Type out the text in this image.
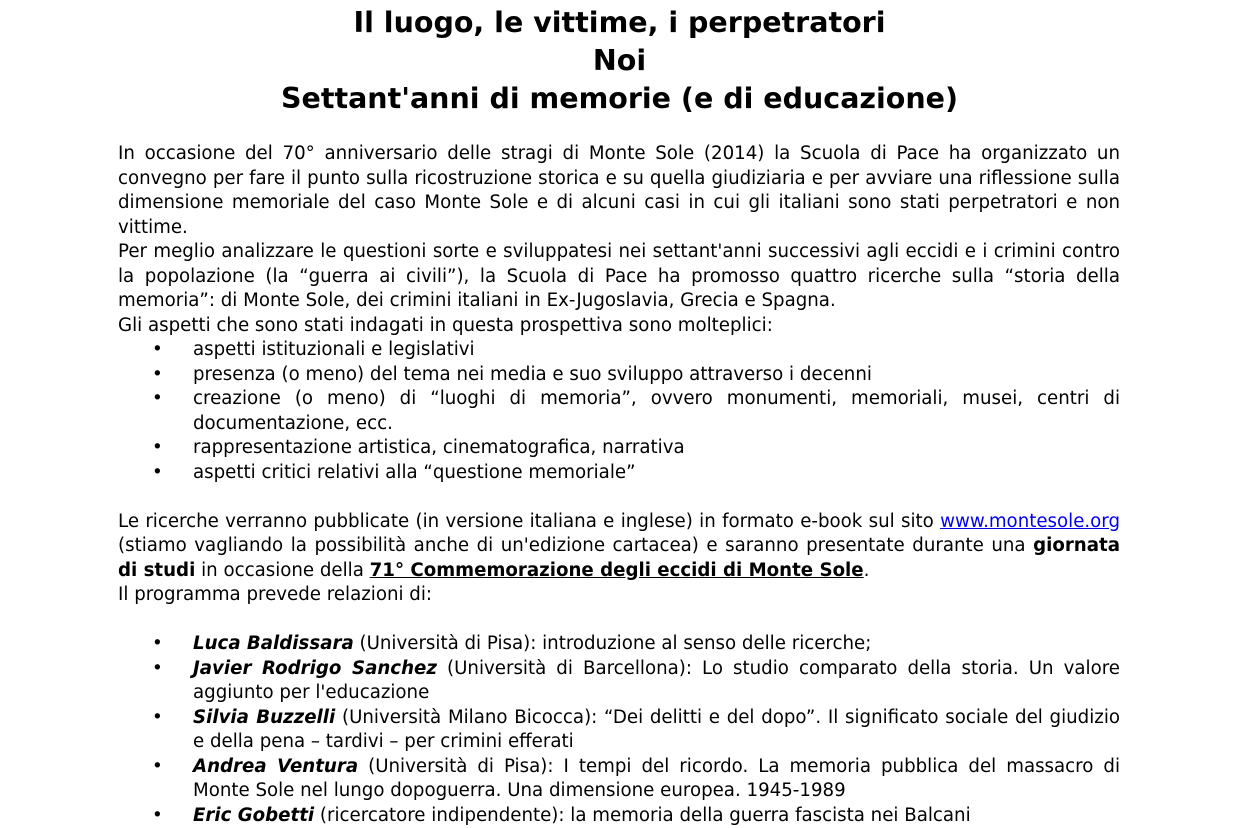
Il luogo, le vittime, i perpetratori
Noi
Settant'anni di memorie (e di educazione)
In occasione del 70° anniversario delle stragi di Monte Sole (2014) la Scuola di Pace ha organizzato un convegno per fare il punto sulla ricostruzione storica e su quella giudiziaria e per avviare una riflessione sulla dimensione memoriale del caso Monte Sole e di alcuni casi in cui gli italiani sono stati perpetratori e non vittime.
Per meglio analizzare le questioni sorte e sviluppatesi nei settant'anni successivi agli eccidi e i crimini contro la popolazione (la “guerra ai civili”), la Scuola di Pace ha promosso quattro ricerche sulla “storia della memoria”: di Monte Sole, dei crimini italiani in Ex-Jugoslavia, Grecia e Spagna.
Gli aspetti che sono stati indagati in questa prospettiva sono molteplici:
• aspetti istituzionali e legislativi
• presenza (o meno) del tema nei media e suo sviluppo attraverso i decenni
• creazione (o meno) di “luoghi di memoria”, ovvero monumenti, memoriali, musei, centri di documentazione, ecc.
• rappresentazione artistica, cinematografica, narrativa
• aspetti critici relativi alla “questione memoriale”
Le ricerche verranno pubblicate (in versione italiana e inglese) in formato e-book sul sito www.montesole.org (stiamo vagliando la possibilità anche di un'edizione cartacea) e saranno presentate durante una giornata di studi in occasione della 71° Commemorazione degli eccidi di Monte Sole.
Il programma prevede relazioni di:
• Luca Baldissara (Università di Pisa): introduzione al senso delle ricerche;
• Javier Rodrigo Sanchez (Università di Barcellona): Lo studio comparato della storia. Un valore aggiunto per l'educazione
• Silvia Buzzelli (Università Milano Bicocca): “Dei delitti e del dopo”. Il significato sociale del giudizio e della pena – tardivi – per crimini efferati
• Andrea Ventura (Università di Pisa): I tempi del ricordo. La memoria pubblica del massacro di Monte Sole nel lungo dopoguerra. Una dimensione europea. 1945-1989
• Eric Gobetti (ricercatore indipendente): la memoria della guerra fascista nei Balcani
